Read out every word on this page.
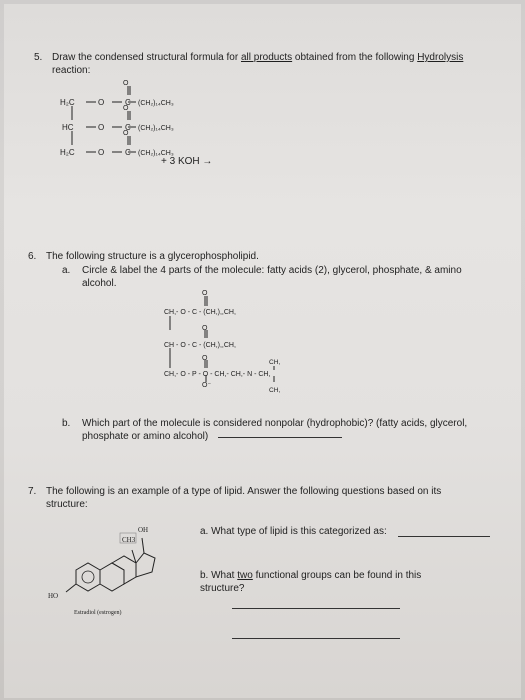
5. Draw the condensed structural formula for all products obtained from the following Hydrolysis
reaction:
O
H₂C	O	C (CH₂)₁₄CH₃
O
HC	O	C (CH₂)₁₄CH₃
O
H₂C	O	C (CH₂)₁₄CH₃
+ 3 KOH →
6. The following structure is a glycerophospholipid.
a. Circle & label the 4 parts of the molecule: fatty acids (2), glycerol, phosphate, & amino
alcohol.
O
CH,- O - C - (CH,),,CH,
O
CH - O - C - (CH,),,CH,
O
CH,
CH,- O - P - O - CH,- CH,- N - CH,
O⁻
CH,
b. Which part of the molecule is considered nonpolar (hydrophobic)? (fatty acids, glycerol,
phosphate or amino alcohol)
7. The following is an example of a type of lipid. Answer the following questions based on its
structure:
OH
CH3
HO
Estradiol (estrogen)
a. What type of lipid is this categorized as:
b. What two functional groups can be found in this
structure?
